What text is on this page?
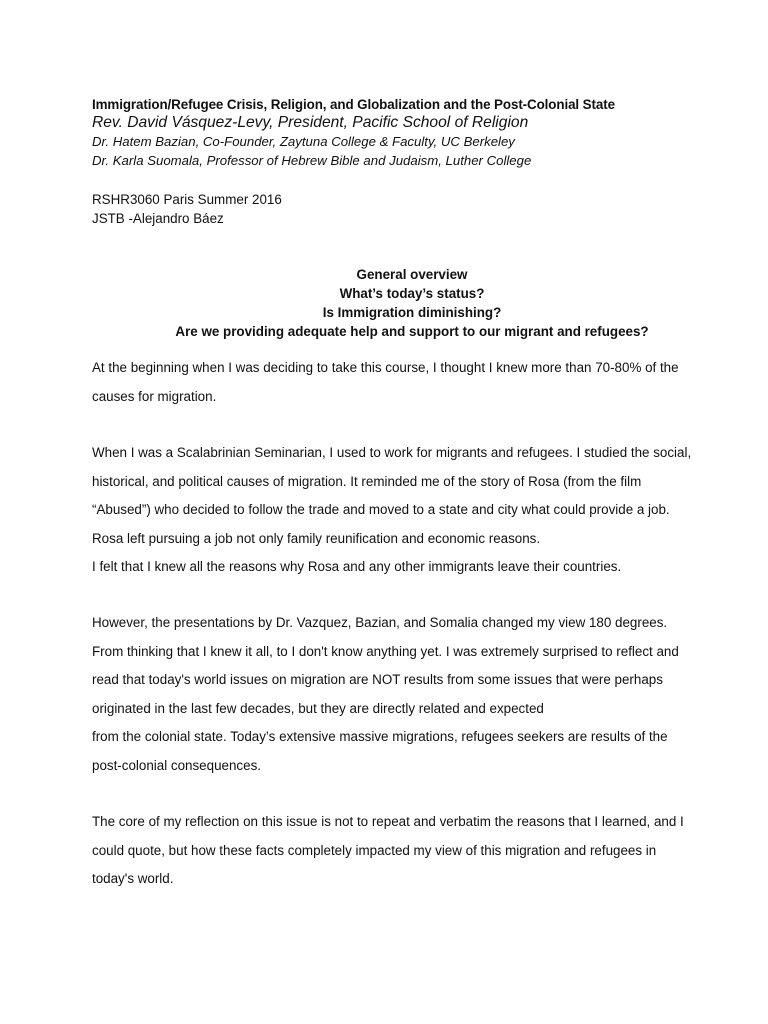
Immigration/Refugee Crisis, Religion, and Globalization and the Post-Colonial State

Rev. David Vásquez-Levy, President, Pacific School of Religion

Dr. Hatem Bazian, Co-Founder, Zaytuna College & Faculty, UC Berkeley

Dr. Karla Suomala, Professor of Hebrew Bible and Judaism, Luther College

RSHR3060 Paris Summer 2016
JSTB -Alejandro Báez
General overview
What’s today’s status?
Is Immigration diminishing?
Are we providing adequate help and support to our migrant and refugees?

At the beginning when I was deciding to take this course, I thought I knew more than 70-80% of the

causes for migration.

When I was a Scalabrinian Seminarian, I used to work for migrants and refugees. I studied the social,

historical, and political causes of migration. It reminded me of the story of Rosa (from the film

“Abused”) who decided to follow the trade and moved to a state and city what could provide a job.

Rosa left pursuing a job not only family reunification and economic reasons.

I felt that I knew all the reasons why Rosa and any other immigrants leave their countries.

However, the presentations by Dr. Vazquez, Bazian, and Somalia changed my view 180 degrees.

From thinking that I knew it all, to I don't know anything yet. I was extremely surprised to reflect and

read that today's world issues on migration are NOT results from some issues that were perhaps

originated in the last few decades, but they are directly related and expected

from the colonial state. Today’s extensive massive migrations, refugees seekers are results of the

post-colonial consequences.

The core of my reflection on this issue is not to repeat and verbatim the reasons that I learned, and I

could quote, but how these facts completely impacted my view of this migration and refugees in

today's world.
